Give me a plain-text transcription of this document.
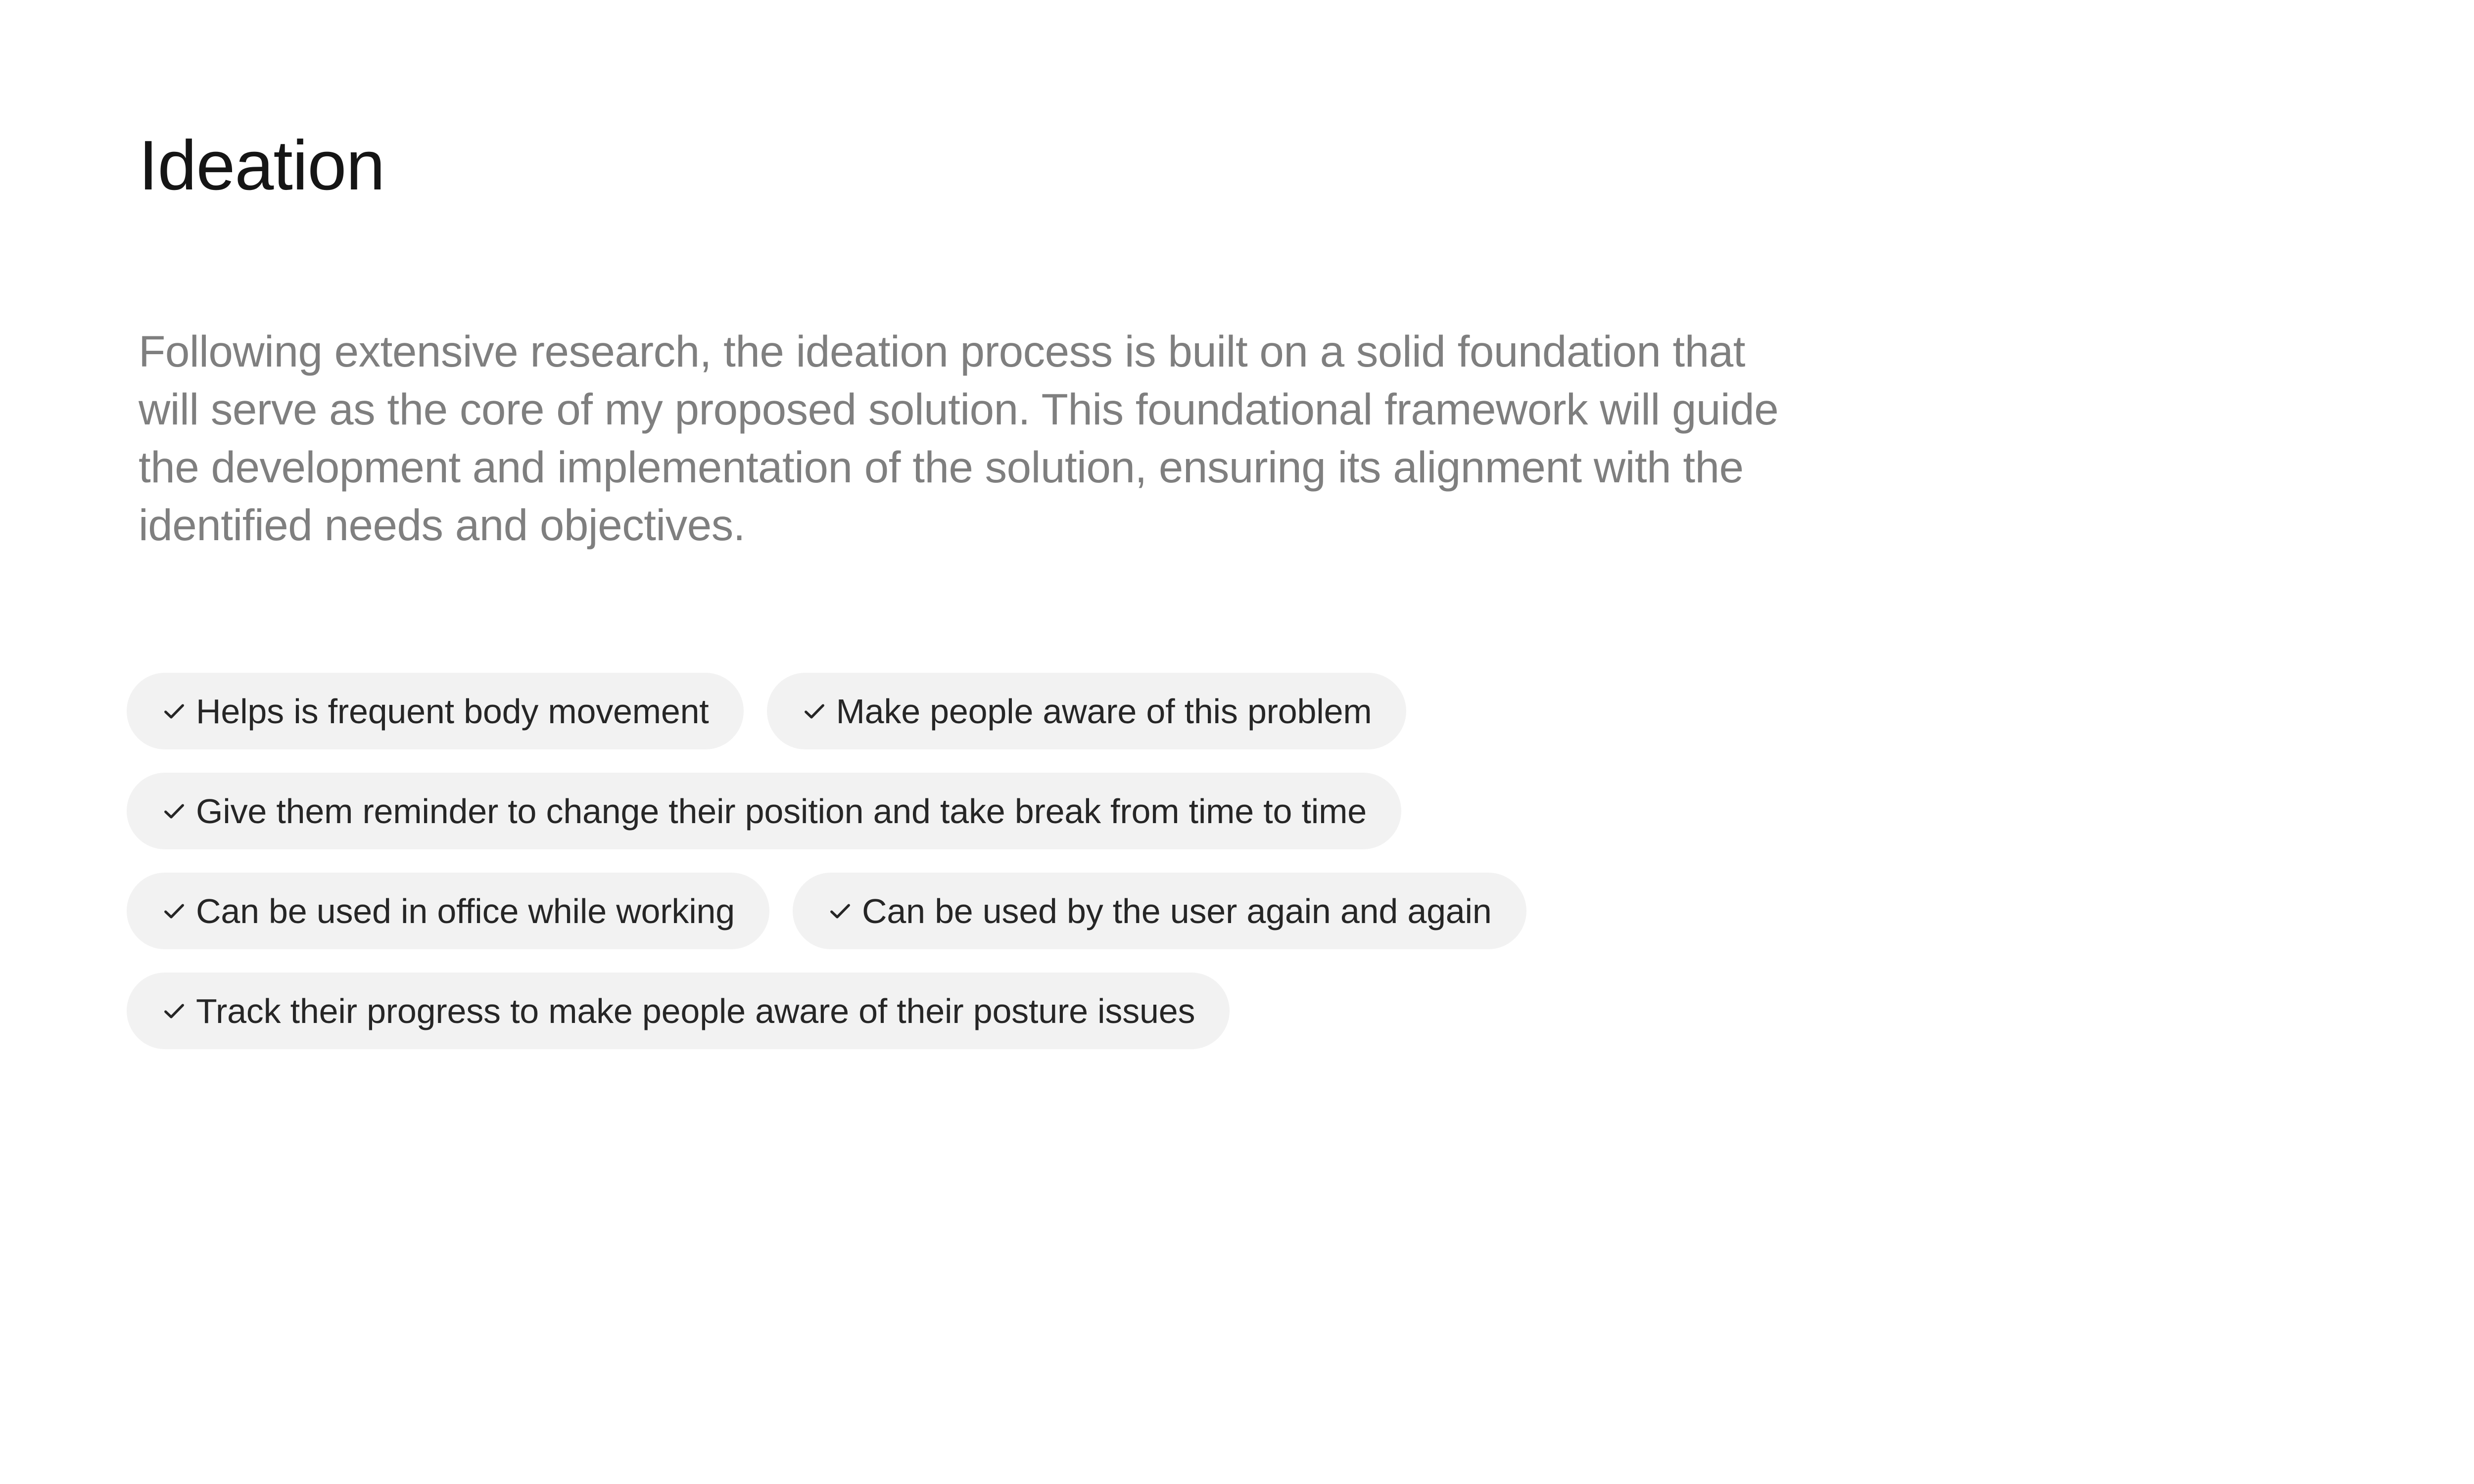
Ideation

Following extensive research, the ideation process is built on a solid foundation that
will serve as the core of my proposed solution. This foundational framework will guide
the development and implementation of the solution, ensuring its alignment with the
identified needs and objectives.

Helps is frequent body movement	Make people aware of this problem
Give them reminder to change their position and take break from time to time
Can be used in office while working	Can be used by the user again and again
Track their progress to make people aware of their posture issues
